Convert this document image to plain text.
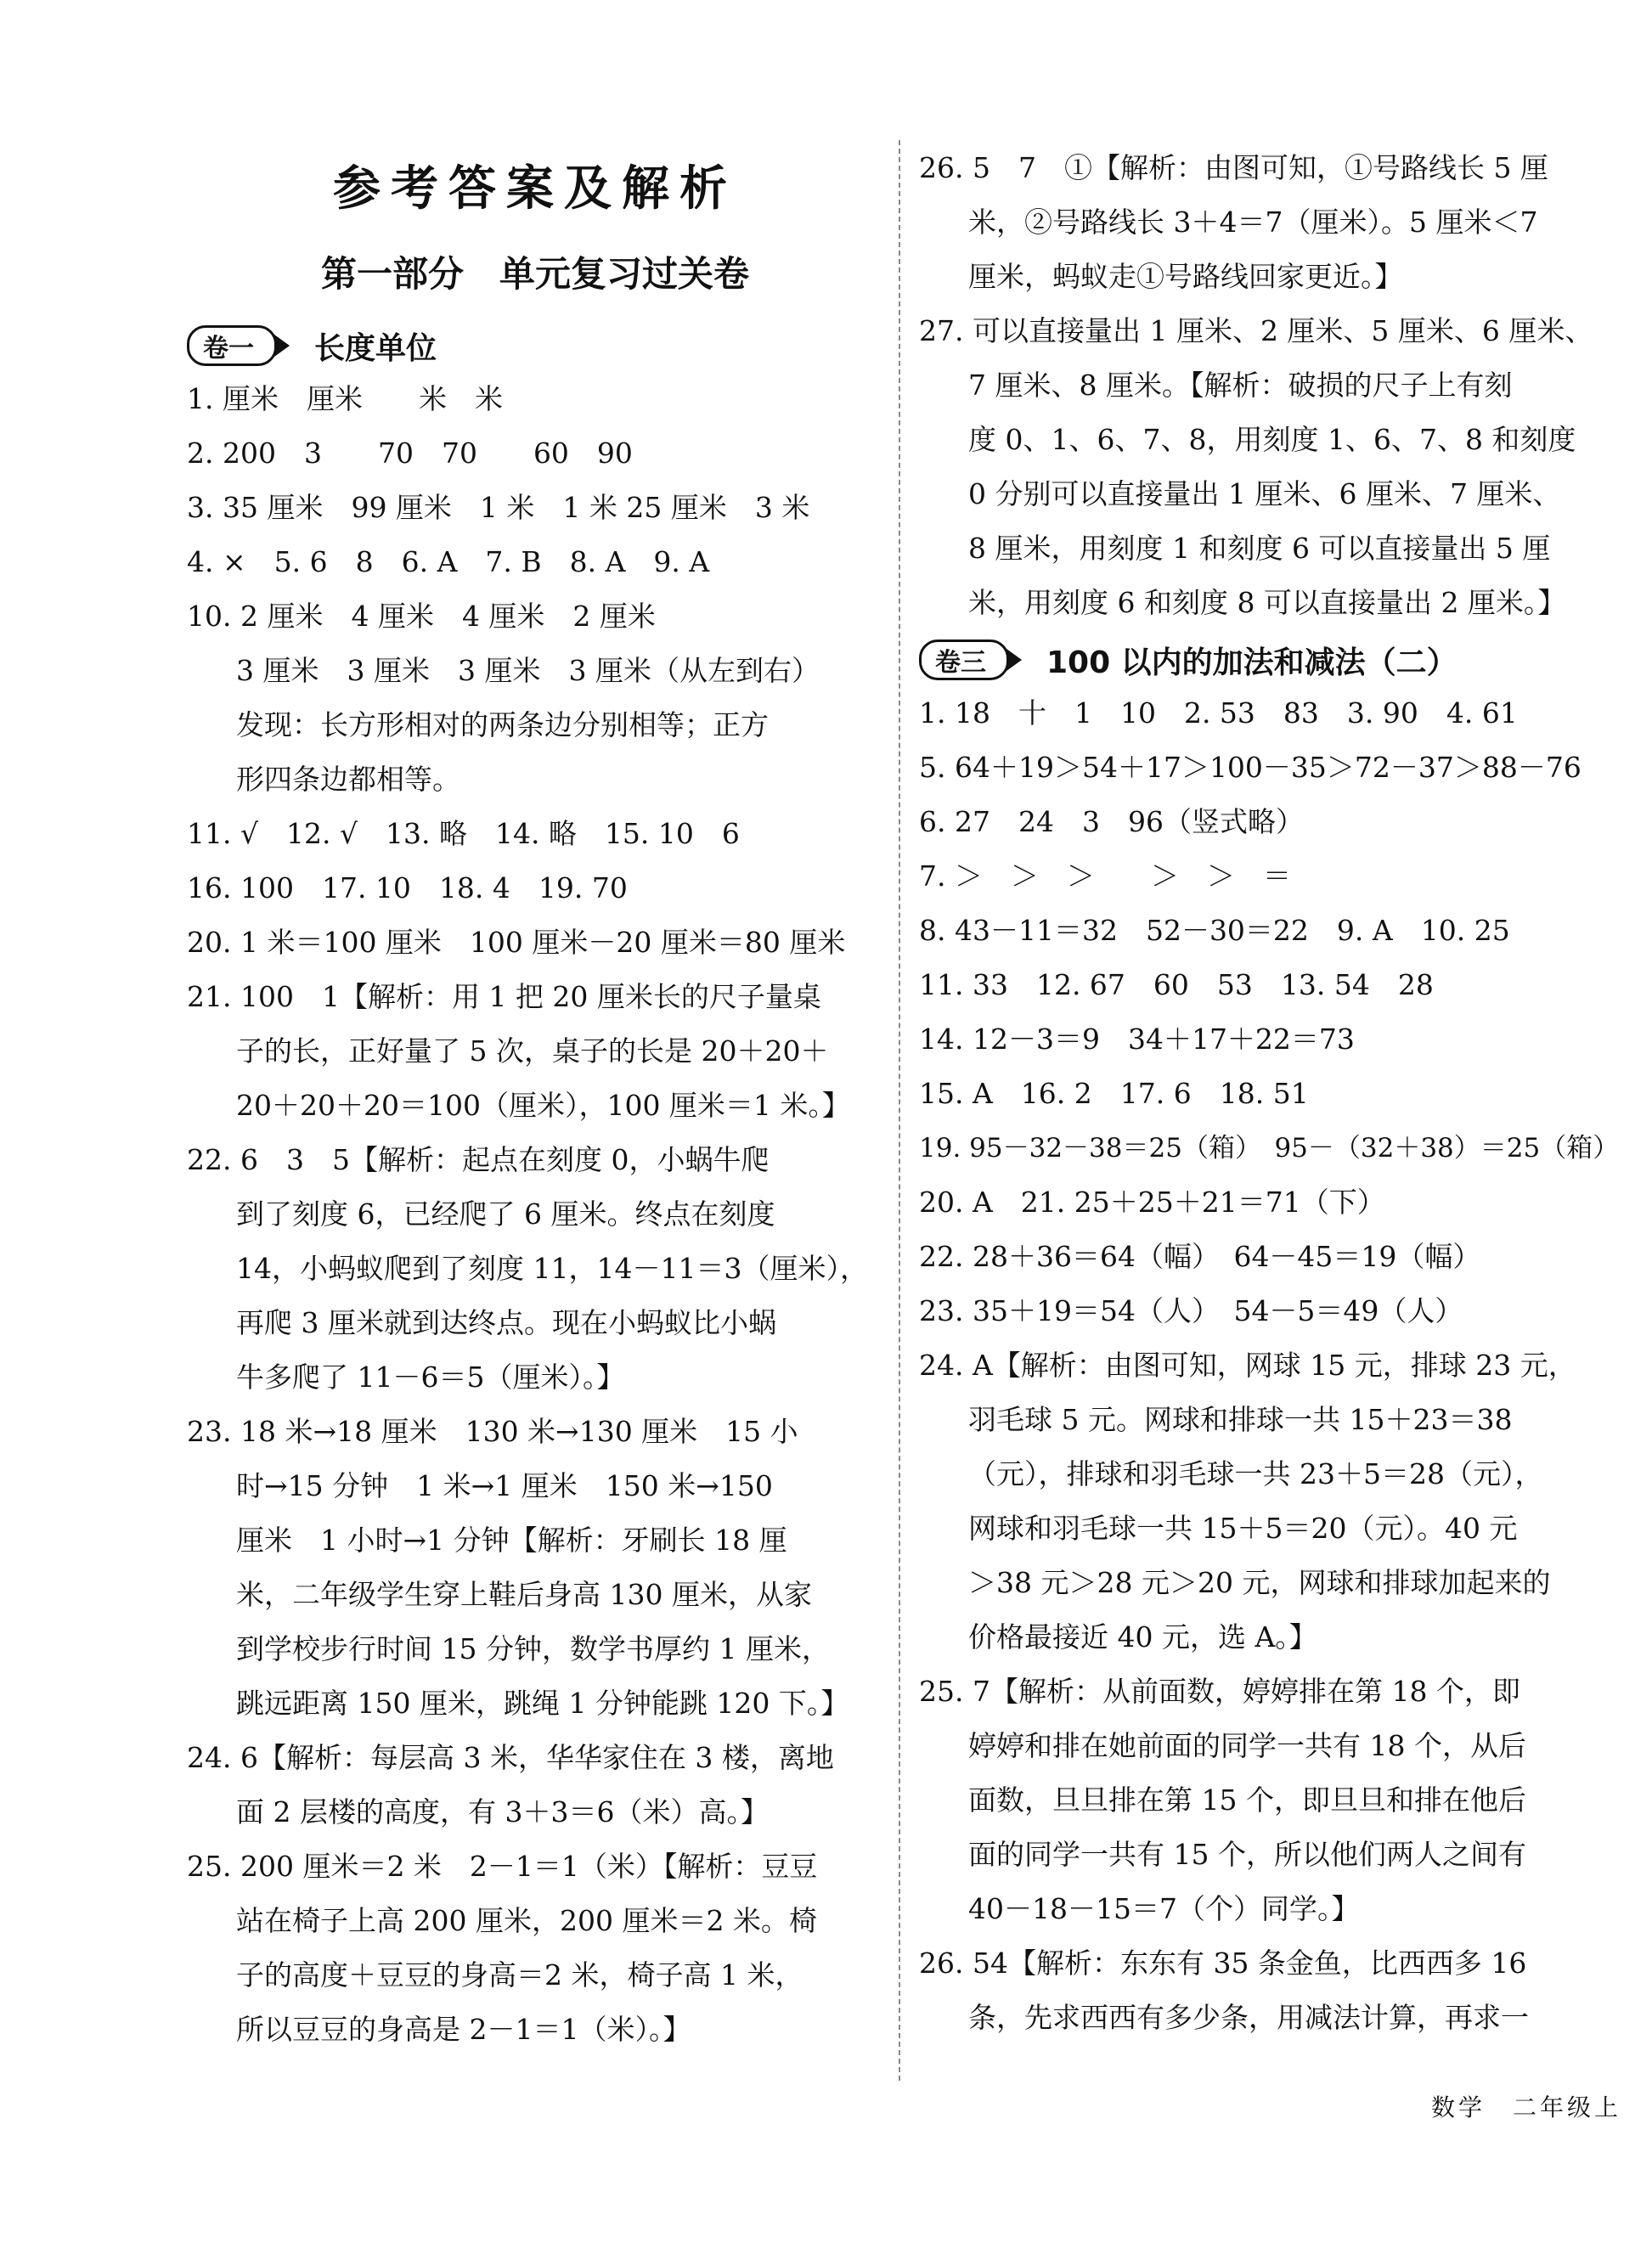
参考答案及解析
第一部分　单元复习过关卷
卷一 长度单位
1. 厘米　厘米　　米　米
2. 200　3　　70　70　　60　90
3. 35 厘米　99 厘米　1 米　1 米 25 厘米　3 米
4. ×　5. 6　8　6. A　7. B　8. A　9. A
10. 2 厘米　4 厘米　4 厘米　2 厘米
3 厘米　3 厘米　3 厘米　3 厘米（从左到右）
发现：长方形相对的两条边分别相等；正方
形四条边都相等。
11. √　12. √　13. 略　14. 略　15. 10　6
16. 100　17. 10　18. 4　19. 70
20. 1 米＝100 厘米　100 厘米－20 厘米＝80 厘米
21. 100　1【解析：用 1 把 20 厘米长的尺子量桌
子的长，正好量了 5 次，桌子的长是 20＋20＋
20＋20＋20＝100（厘米），100 厘米＝1 米。】
22. 6　3　5【解析：起点在刻度 0，小蜗牛爬
到了刻度 6，已经爬了 6 厘米。终点在刻度
14，小蚂蚁爬到了刻度 11，14－11＝3（厘米），
再爬 3 厘米就到达终点。现在小蚂蚁比小蜗
牛多爬了 11－6＝5（厘米）。】
23. 18 米→18 厘米　130 米→130 厘米　15 小
时→15 分钟　1 米→1 厘米　150 米→150
厘米　1 小时→1 分钟【解析：牙刷长 18 厘
米，二年级学生穿上鞋后身高 130 厘米，从家
到学校步行时间 15 分钟，数学书厚约 1 厘米，
跳远距离 150 厘米，跳绳 1 分钟能跳 120 下。】
24. 6【解析：每层高 3 米，华华家住在 3 楼，离地
面 2 层楼的高度，有 3＋3＝6（米）高。】
25. 200 厘米＝2 米　2－1＝1（米）【解析：豆豆
站在椅子上高 200 厘米，200 厘米＝2 米。椅
子的高度＋豆豆的身高＝2 米，椅子高 1 米，
所以豆豆的身高是 2－1＝1（米）。】
26. 5　7　①【解析：由图可知，①号路线长 5 厘
米，②号路线长 3＋4＝7（厘米）。5 厘米＜7
厘米，蚂蚁走①号路线回家更近。】
27. 可以直接量出 1 厘米、2 厘米、5 厘米、6 厘米、
7 厘米、8 厘米。【解析：破损的尺子上有刻
度 0、1、6、7、8，用刻度 1、6、7、8 和刻度
0 分别可以直接量出 1 厘米、6 厘米、7 厘米、
8 厘米，用刻度 1 和刻度 6 可以直接量出 5 厘
米，用刻度 6 和刻度 8 可以直接量出 2 厘米。】
卷三 100 以内的加法和减法（二）
1. 18　十　1　10　2. 53　83　3. 90　4. 61
5. 64＋19＞54＋17＞100－35＞72－37＞88－76
6. 27　24　3　96（竖式略）
7. ＞　＞　＞　　＞　＞　＝
8. 43－11＝32　52－30＝22　9. A　10. 25
11. 33　12. 67　60　53　13. 54　28
14. 12－3＝9　34＋17＋22＝73
15. A　16. 2　17. 6　18. 51
19. 95－32－38＝25（箱）　95－（32＋38）＝25（箱）
20. A　21. 25＋25＋21＝71（下）
22. 28＋36＝64（幅）　64－45＝19（幅）
23. 35＋19＝54（人）　54－5＝49（人）
24. A【解析：由图可知，网球 15 元，排球 23 元，
羽毛球 5 元。网球和排球一共 15＋23＝38
（元），排球和羽毛球一共 23＋5＝28（元），
网球和羽毛球一共 15＋5＝20（元）。40 元
＞38 元＞28 元＞20 元，网球和排球加起来的
价格最接近 40 元，选 A。】
25. 7【解析：从前面数，婷婷排在第 18 个，即
婷婷和排在她前面的同学一共有 18 个，从后
面数，旦旦排在第 15 个，即旦旦和排在他后
面的同学一共有 15 个，所以他们两人之间有
40－18－15＝7（个）同学。】
26. 54【解析：东东有 35 条金鱼，比西西多 16
条，先求西西有多少条，用减法计算，再求一
数学　二年级上
